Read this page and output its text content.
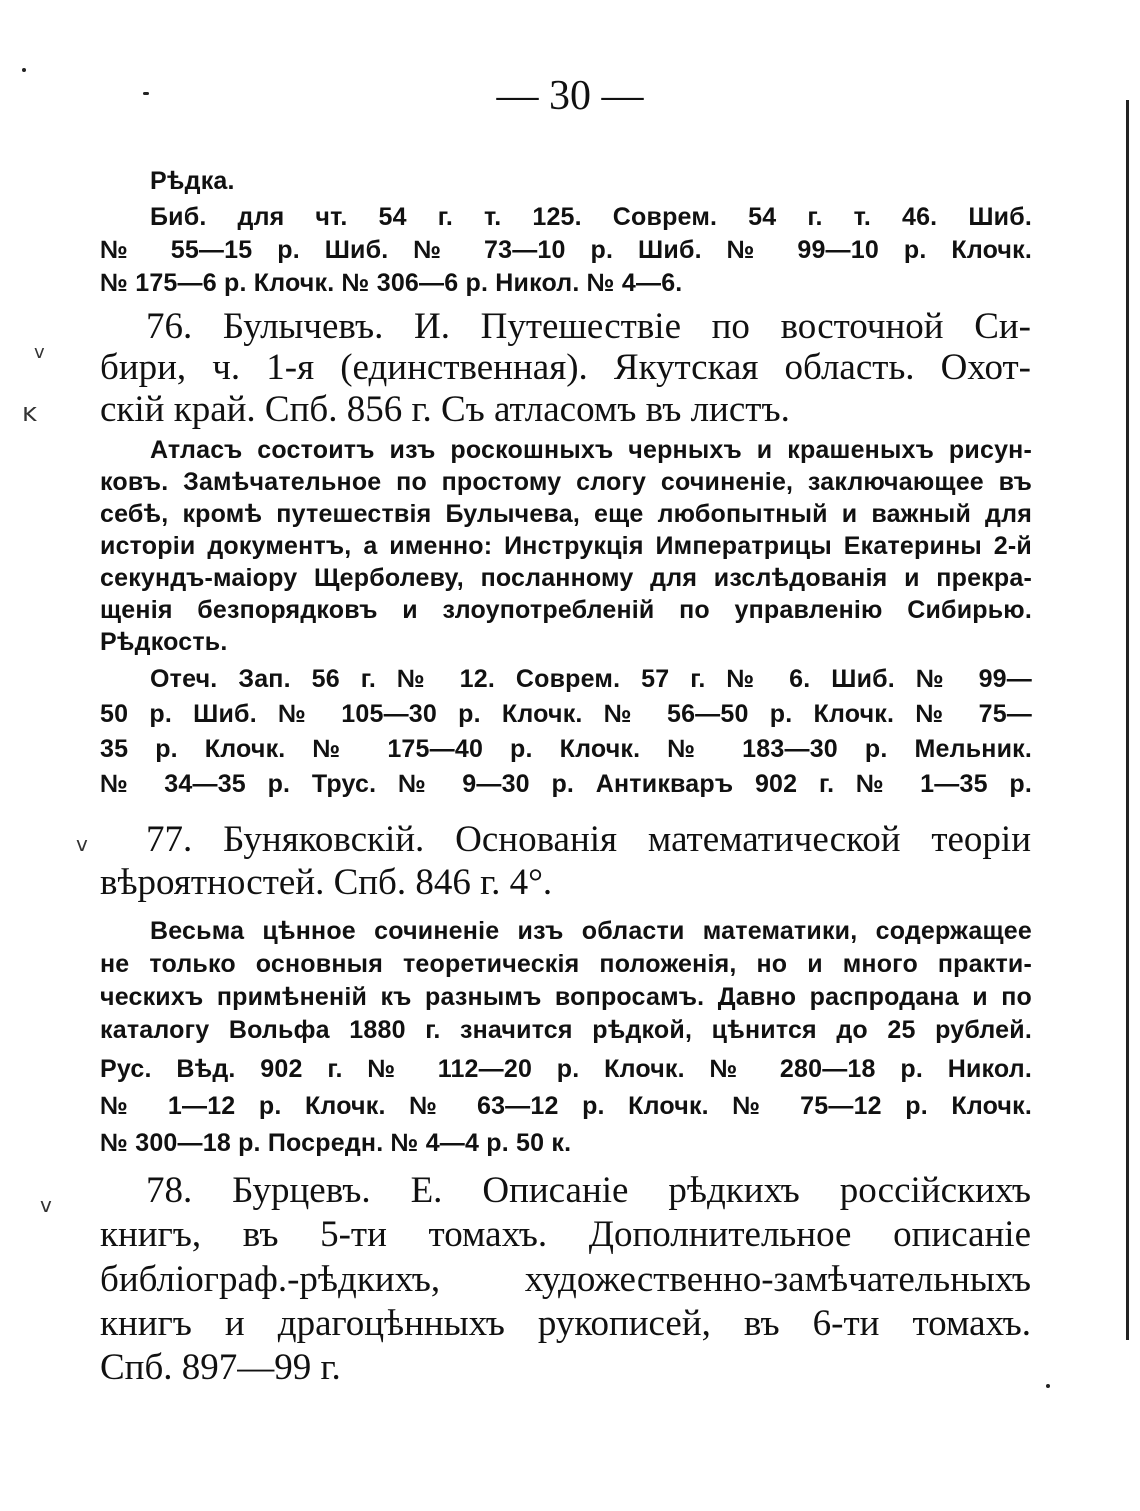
v
ĸ
v
v
— 30 —
Рѣдка.
Биб. для чт. 54 г. т. 125. Соврем. 54 г. т. 46. Шиб.
№ 55—15 р. Шиб. № 73—10 р. Шиб. № 99—10 р. Клочк.
№ 175—6 р. Клочк. № 306—6 р. Никол. № 4—6.
76. Булычевъ. И. Путешествіе по восточной Си-
бири, ч. 1-я (единственная). Якутская область. Охот-
скій край. Спб. 856 г. Съ атласомъ въ листъ.
Атласъ состоитъ изъ роскошныхъ черныхъ и крашеныхъ рисун-
ковъ. Замѣчательное по простому слогу сочиненіе, заключающее въ
себѣ, кромѣ путешествія Булычева, еще любопытный и важный для
исторіи документъ, а именно: Инструкція Императрицы Екатерины 2-й
секундъ-маіору Щерболеву, посланному для изслѣдованія и прекра-
щенія безпорядковъ и злоупотребленій по управленію Сибирью.
Рѣдкость.
Отеч. Зап. 56 г. № 12. Соврем. 57 г. № 6. Шиб. № 99—
50 р. Шиб. № 105—30 р. Клочк. № 56—50 р. Клочк. № 75—
35 р. Клочк. № 175—40 р. Клочк. № 183—30 р. Мельник.
№ 34—35 р. Трус. № 9—30 р. Антикваръ 902 г. № 1—35 р.
77. Буняковскій. Основанія математической теоріи
вѣроятностей. Спб. 846 г. 4°.
Весьма цѣнное сочиненіе изъ области математики, содержащее
не только основныя теоретическія положенія, но и много практи-
ческихъ примѣненій къ разнымъ вопросамъ. Давно распродана и по
каталогу Вольфа 1880 г. значится рѣдкой, цѣнится до 25 рублей.
Рус. Вѣд. 902 г. № 112—20 р. Клочк. № 280—18 р. Никол.
№ 1—12 р. Клочк. № 63—12 р. Клочк. № 75—12 р. Клочк.
№ 300—18 р. Посредн. № 4—4 р. 50 к.
78. Бурцевъ. Е. Описаніе рѣдкихъ россійскихъ
книгъ, въ 5-ти томахъ. Дополнительное описаніе
библіограф.-рѣдкихъ, художественно-замѣчательныхъ
книгъ и драгоцѣнныхъ рукописей, въ 6-ти томахъ.
Спб. 897—99 г.
